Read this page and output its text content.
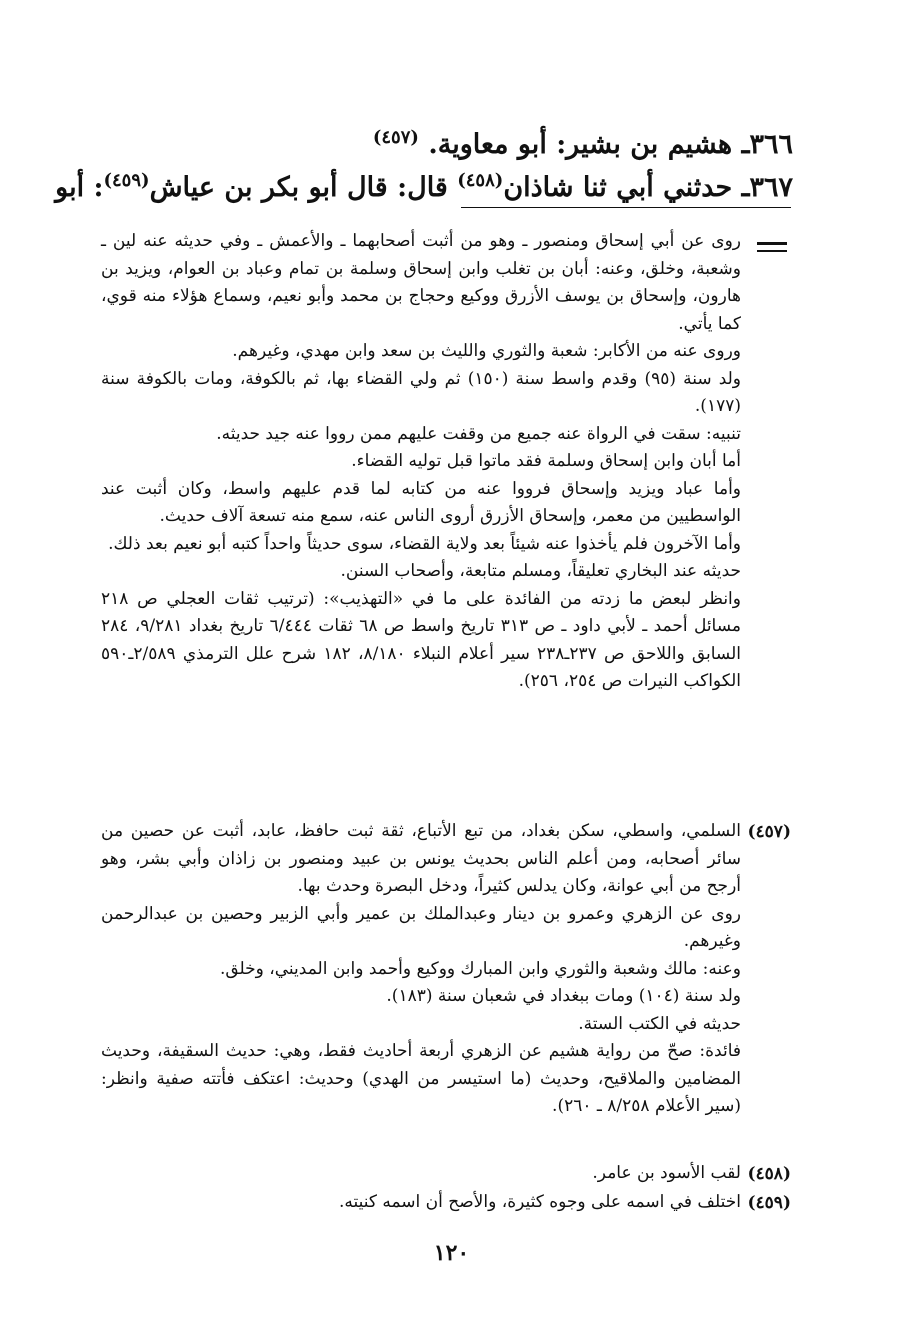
٣٦٦ـ هشيم بن بشير: أبو معاوية. $^{(٤٥٧)}$
٣٦٧ـ حدثني أبي ثنا شاذان$^{(٤٥٨)}$ قال: قال أبو بكر بن عياش$^{(٤٥٩)}$: أبو

روى عن أبي إسحاق ومنصور ـ وهو من أثبت أصحابهما ـ والأعمش ـ وفي حديثه عنه لين ـ وشعبة، وخلق، وعنه: أبان بن تغلب وابن إسحاق وسلمة بن تمام وعباد بن العوام، ويزيد بن هارون، وإسحاق بن يوسف الأزرق ووكيع وحجاج بن محمد وأبو نعيم، وسماع هؤلاء منه قوي، كما يأتي.

وروى عنه من الأكابر: شعبة والثوري والليث بن سعد وابن مهدي، وغيرهم.

ولد سنة (٩٥) وقدم واسط سنة (١٥٠) ثم ولي القضاء بها، ثم بالكوفة، ومات بالكوفة سنة (١٧٧).

تنبيه: سقت في الرواة عنه جميع من وقفت عليهم ممن رووا عنه جيد حديثه.

أما أبان وابن إسحاق وسلمة فقد ماتوا قبل توليه القضاء.

وأما عباد ويزيد وإسحاق فرووا عنه من كتابه لما قدم عليهم واسط، وكان أثبت عند الواسطيين من معمر، وإسحاق الأزرق أروى الناس عنه، سمع منه تسعة آلاف حديث.

وأما الآخرون فلم يأخذوا عنه شيئاً بعد ولاية القضاء، سوى حديثاً واحداً كتبه أبو نعيم بعد ذلك.

حديثه عند البخاري تعليقاً، ومسلم متابعة، وأصحاب السنن.

وانظر لبعض ما زدته من الفائدة على ما في «التهذيب»: (ترتيب ثقات العجلي ص ٢١٨ مسائل أحمد ـ لأبي داود ـ ص ٣١٣ تاريخ واسط ص ٦٨ ثقات ٦/٤٤٤ تاريخ بغداد ٩/٢٨١، ٢٨٤ السابق واللاحق ص ٢٣٧ـ٢٣٨ سير أعلام النبلاء ٨/١٨٠، ١٨٢ شرح علل الترمذي ٢/٥٨٩ـ٥٩٠ الكواكب النيرات ص ٢٥٤، ٢٥٦).

(٤٥٧)

السلمي، واسطي، سكن بغداد، من تبع الأتباع، ثقة ثبت حافظ، عابد، أثبت عن حصين من سائر أصحابه، ومن أعلم الناس بحديث يونس بن عبيد ومنصور بن زاذان وأبي بشر، وهو أرجح من أبي عوانة، وكان يدلس كثيراً، ودخل البصرة وحدث بها.

روى عن الزهري وعمرو بن دينار وعبدالملك بن عمير وأبي الزبير وحصين بن عبدالرحمن وغيرهم.

وعنه: مالك وشعبة والثوري وابن المبارك ووكيع وأحمد وابن المديني، وخلق.

ولد سنة (١٠٤) ومات ببغداد في شعبان سنة (١٨٣).

حديثه في الكتب الستة.

فائدة: صحّ من رواية هشيم عن الزهري أربعة أحاديث فقط، وهي: حديث السقيفة، وحديث المضامين والملاقيح، وحديث (ما استيسر من الهدي) وحديث: اعتكف فأتته صفية وانظر: (سير الأعلام ٨/٢٥٨ ـ ٢٦٠).

(٤٥٨)
لقب الأسود بن عامر.
(٤٥٩)
اختلف في اسمه على وجوه كثيرة، والأصح أن اسمه كنيته.
١٢٠
